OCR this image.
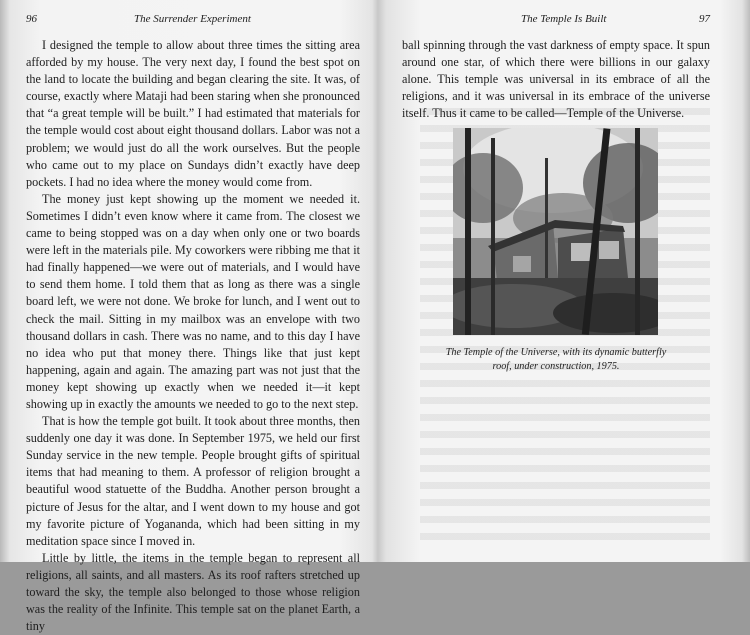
96	The Surrender Experiment

I designed the temple to allow about three times the sitting area afforded by my house. The very next day, I found the best spot on the land to locate the building and began clearing the site. It was, of course, exactly where Mataji had been staring when she pronounced that “a great temple will be built.” I had estimated that materials for the temple would cost about eight thousand dollars. Labor was not a problem; we would just do all the work ourselves. But the people who came out to my place on Sundays didn’t exactly have deep pockets. I had no idea where the money would come from.

The money just kept showing up the moment we needed it. Sometimes I didn’t even know where it came from. The closest we came to being stopped was on a day when only one or two boards were left in the materials pile. My coworkers were ribbing me that it had finally happened—we were out of materials, and I would have to send them home. I told them that as long as there was a single board left, we were not done. We broke for lunch, and I went out to check the mail. Sitting in my mailbox was an envelope with two thousand dollars in cash. There was no name, and to this day I have no idea who put that money there. Things like that just kept happening, again and again. The amazing part was not just that the money kept showing up exactly when we needed it—it kept showing up in exactly the amounts we needed to go to the next step.

That is how the temple got built. It took about three months, then suddenly one day it was done. In September 1975, we held our first Sunday service in the new temple. People brought gifts of spiritual items that had meaning to them. A professor of religion brought a beautiful wood statuette of the Buddha. Another person brought a picture of Jesus for the altar, and I went down to my house and got my favorite picture of Yogananda, which had been sitting in my meditation space since I moved in.

Little by little, the items in the temple began to represent all religions, all saints, and all masters. As its roof rafters stretched up toward the sky, the temple also belonged to those whose religion was the reality of the Infinite. This temple sat on the planet Earth, a tiny

The Temple Is Built	97

ball spinning through the vast darkness of empty space. It spun around one star, of which there were billions in our galaxy alone. This temple was universal in its embrace of all the religions, and it was universal in its embrace of the universe itself. Thus it came to be called—Temple of the Universe.

The Temple of the Universe, with its dynamic butterfly roof, under construction, 1975.
